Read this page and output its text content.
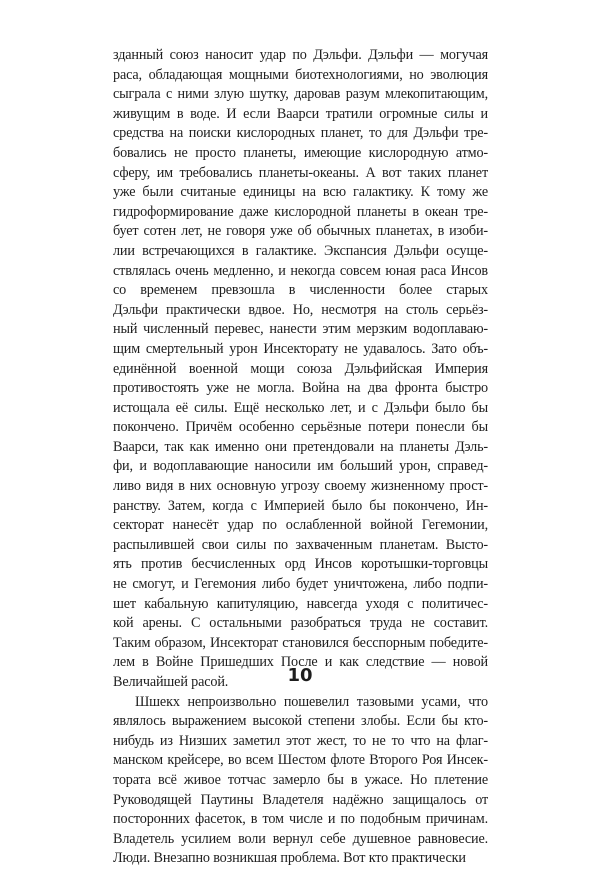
зданный союз наносит удар по Дэльфи. Дэльфи — могучая
раса, обладающая мощными биотехнологиями, но эволюция
сыграла с ними злую шутку, даровав разум млекопитающим,
живущим в воде. И если Ваарси тратили огромные силы и
средства на поиски кислородных планет, то для Дэльфи тре-
бовались не просто планеты, имеющие кислородную атмо-
сферу, им требовались планеты-океаны. А вот таких планет
уже были считаные единицы на всю галактику. К тому же
гидроформирование даже кислородной планеты в океан тре-
бует сотен лет, не говоря уже об обычных планетах, в изоби-
лии встречающихся в галактике. Экспансия Дэльфи осуще-
ствлялась очень медленно, и некогда совсем юная раса Инсов
со временем превзошла в численности более старых
Дэльфи практически вдвое. Но, несмотря на столь серьёз-
ный численный перевес, нанести этим мерзким водоплаваю-
щим смертельный урон Инсекторату не удавалось. Зато объ-
единённой военной мощи союза Дэльфийская Империя
противостоять уже не могла. Война на два фронта быстро
истощала её силы. Ещё несколько лет, и с Дэльфи было бы
покончено. Причём особенно серьёзные потери понесли бы
Ваарси, так как именно они претендовали на планеты Дэль-
фи, и водоплавающие наносили им больший урон, справед-
ливо видя в них основную угрозу своему жизненному прост-
ранству. Затем, когда с Империей было бы покончено, Ин-
секторат нанесёт удар по ослабленной войной Гегемонии,
распылившей свои силы по захваченным планетам. Высто-
ять против бесчисленных орд Инсов коротышки-торговцы
не смогут, и Гегемония либо будет уничтожена, либо подпи-
шет кабальную капитуляцию, навсегда уходя с политичес-
кой арены. С остальными разобраться труда не составит.
Таким образом, Инсекторат становился бесспорным победите-
лем в Войне Пришедших После и как следствие — новой
Величайшей расой.
Шшекх непроизвольно пошевелил тазовыми усами, что
являлось выражением высокой степени злобы. Если бы кто-
нибудь из Низших заметил этот жест, то не то что на флаг-
манском крейсере, во всем Шестом флоте Второго Роя Инсек-
тората всё живое тотчас замерло бы в ужасе. Но плетение
Руководящей Паутины Владетеля надёжно защищалось от
посторонних фасеток, в том числе и по подобным причинам.
Владетель усилием воли вернул себе душевное равновесие.
Люди. Внезапно возникшая проблема. Вот кто практически
10
